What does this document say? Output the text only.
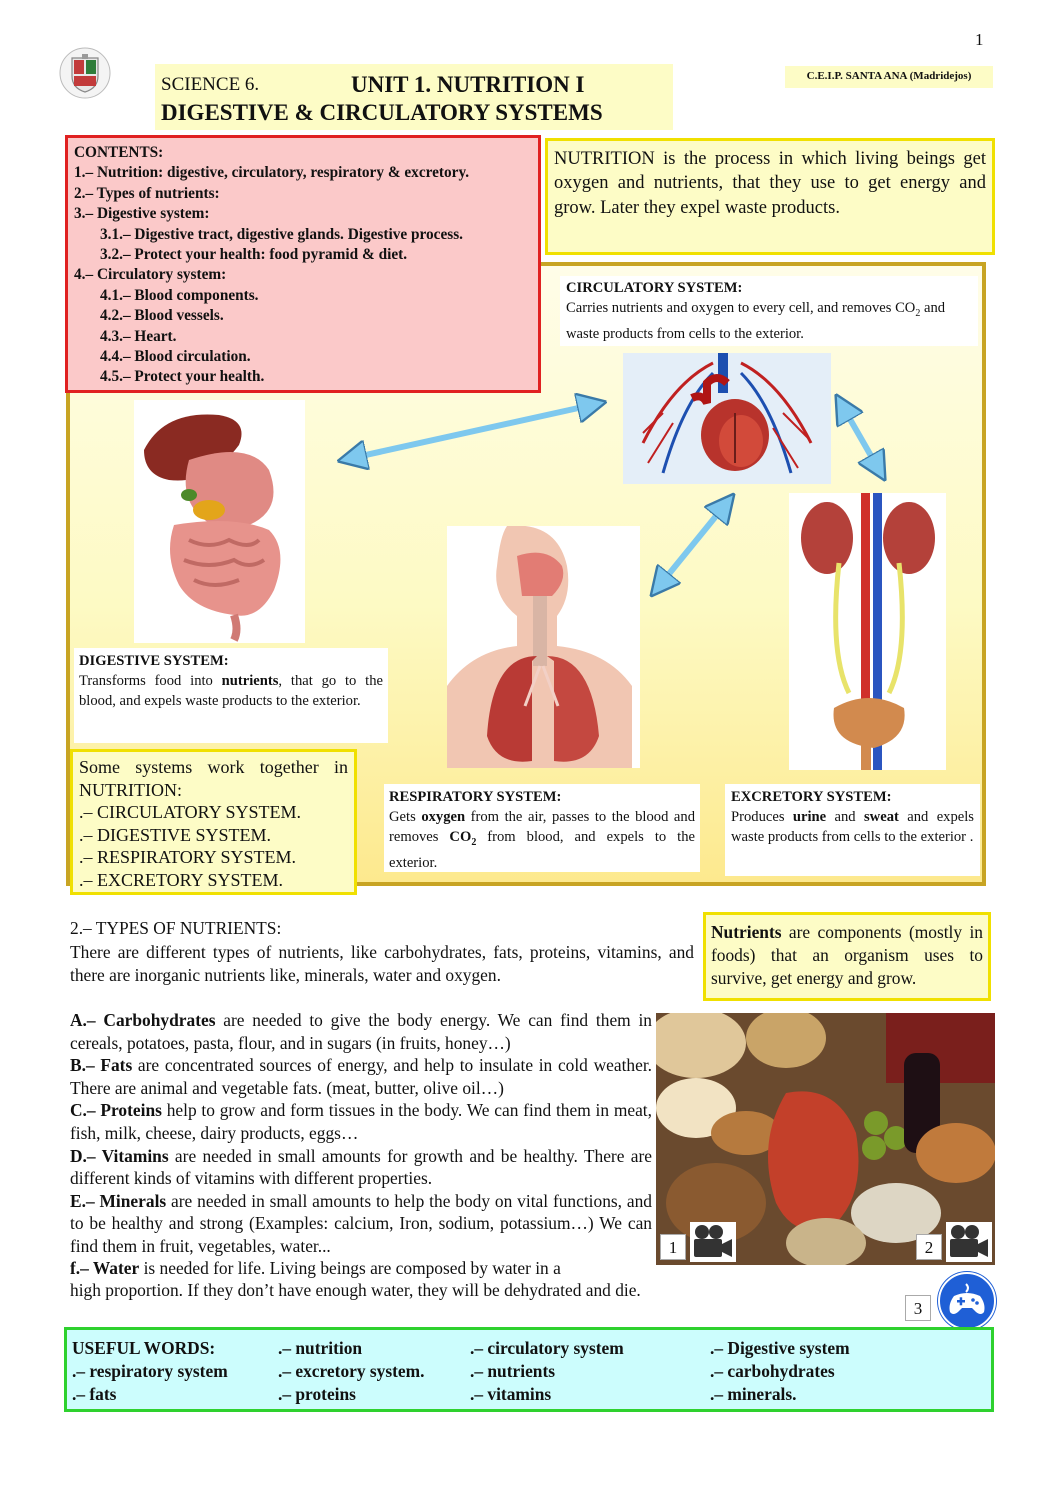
1
SCIENCE 6.	UNIT 1. NUTRITION I
DIGESTIVE & CIRCULATORY SYSTEMS
C.E.I.P. SANTA ANA (Madridejos)
CONTENTS:
1.– Nutrition: digestive, circulatory, respiratory & excretory.
2.– Types of nutrients:
3.– Digestive system:
3.1.– Digestive tract, digestive glands. Digestive process.
3.2.– Protect your health: food pyramid & diet.
4.– Circulatory system:
4.1.– Blood components.
4.2.– Blood vessels.
4.3.– Heart.
4.4.– Blood circulation.
4.5.– Protect your health.
NUTRITION is the process in which living beings get oxygen and nutrients, that they use to get energy and grow. Later they expel waste products.
CIRCULATORY SYSTEM:
Carries nutrients and oxygen to every cell, and removes $CO_2$ and waste products from cells to the exterior.
DIGESTIVE SYSTEM:
Transforms food into nutrients, that go to the blood, and expels waste products to the exterior.
RESPIRATORY SYSTEM:
Gets oxygen from the air, passes to the blood and removes $CO_2$ from blood, and expels to the exterior.
EXCRETORY SYSTEM:
Produces urine and sweat and expels waste products from cells to the exterior .
Some systems work together in NUTRITION:
.– CIRCULATORY SYSTEM.
.– DIGESTIVE SYSTEM.
.– RESPIRATORY SYSTEM.
.– EXCRETORY SYSTEM.
2.– TYPES OF NUTRIENTS:
There are different types of nutrients, like carbohydrates, fats, proteins, vitamins, and there are inorganic nutrients like, minerals, water and oxygen.
Nutrients are components (mostly in foods) that an organism uses to survive, get energy and grow.

A.– Carbohydrates are needed to give the body energy. We can find them in cereals, potatoes, pasta, flour, and in sugars (in fruits, honey…)

B.– Fats are concentrated sources of energy, and help to insulate in cold weather. There are animal and vegetable fats. (meat, butter, olive oil…)

C.– Proteins help to grow and form tissues in the body. We can find them in meat, fish, milk, cheese, dairy products, eggs…

D.– Vitamins are needed in small amounts for growth and be healthy. There are different kinds of vitamins with different properties.

E.– Minerals are needed in small amounts to help the body on vital functions, and to be healthy and strong (Examples: calcium, Iron, sodium, potassium…) We can find them in fruit, vegetables, water...

f.– Water is needed for life. Living beings are composed by water in a
high proportion. If they don’t have enough water, they will be dehydrated and die.
1	2
3
USEFUL WORDS:
.– respiratory system
.– fats
.– nutrition
.– excretory system.
.– proteins
.– circulatory system
.– nutrients
.– vitamins
.– Digestive system
.– carbohydrates
.– minerals.
